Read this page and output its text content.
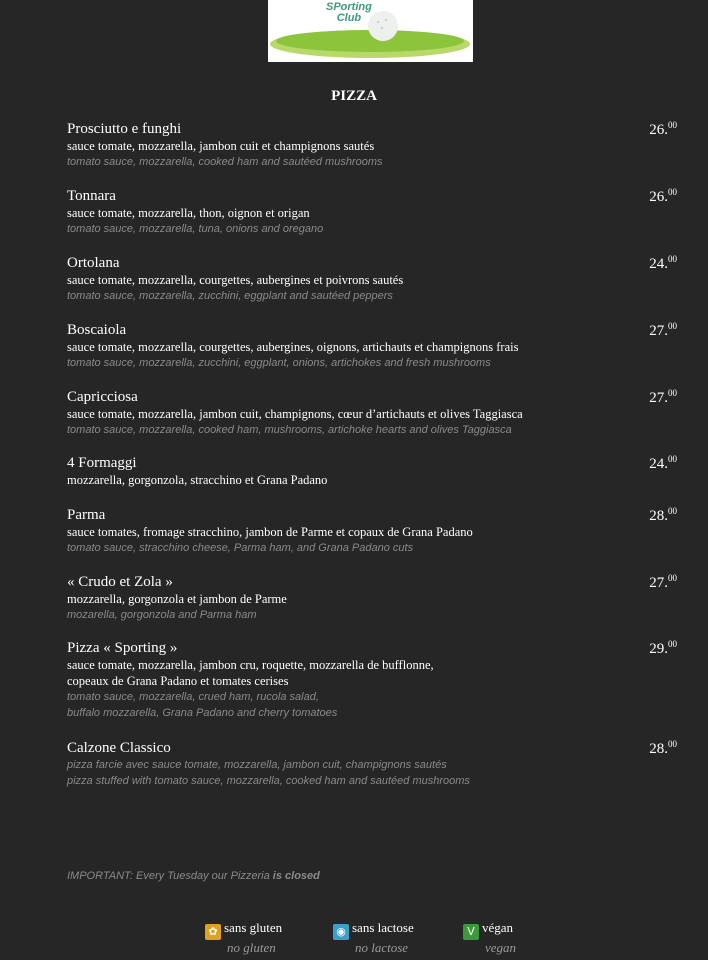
SPorting
Club
PIZZA
Prosciutto e funghi
sauce tomate, mozzarella, jambon cuit et champignons sautés
tomato sauce, mozzarella, cooked ham and sautéed mushrooms
26.00
Tonnara
sauce tomate, mozzarella, thon, oignon et origan
tomato sauce, mozzarella, tuna, onions and oregano
26.00
Ortolana
sauce tomate, mozzarella, courgettes, aubergines et poivrons sautés
tomato sauce, mozzarella, zucchini, eggplant and sautéed peppers
24.00
Boscaiola
sauce tomate, mozzarella, courgettes, aubergines, oignons, artichauts et champignons frais
tomato sauce, mozzarella, zucchini, eggplant, onions, artichokes and fresh mushrooms
27.00
Capricciosa
sauce tomate, mozzarella, jambon cuit, champignons, cœur d’artichauts et olives Taggiasca
tomato sauce, mozzarella, cooked ham, mushrooms, artichoke hearts and olives Taggiasca
27.00
4 Formaggi
mozzarella, gorgonzola, stracchino et Grana Padano
24.00
Parma
sauce tomates, fromage stracchino, jambon de Parme et copaux de Grana Padano
tomato sauce, stracchino cheese, Parma ham, and Grana Padano cuts
28.00
« Crudo et Zola »
mozzarella, gorgonzola et jambon de Parme
mozarella, gorgonzola and Parma ham
27.00
Pizza « Sporting »
sauce tomate, mozzarella, jambon cru, roquette, mozzarella de bufflonne,
copeaux de Grana Padano et tomates cerises
tomato sauce, mozzarella, crued ham, rucola salad,
buffalo mozzarella, Grana Padano and cherry tomatoes
29.00
Calzone Classico
pizza farcie avec sauce tomate, mozzarella, jambon cuit, champignons sautés
pizza stuffed with tomato sauce, mozzarella, cooked ham and sautéed mushrooms
28.00
IMPORTANT: Every Tuesday our Pizzeria is closed
✿ sans gluten
no gluten
◉ sans lactose
no lactose
V végan
vegan
